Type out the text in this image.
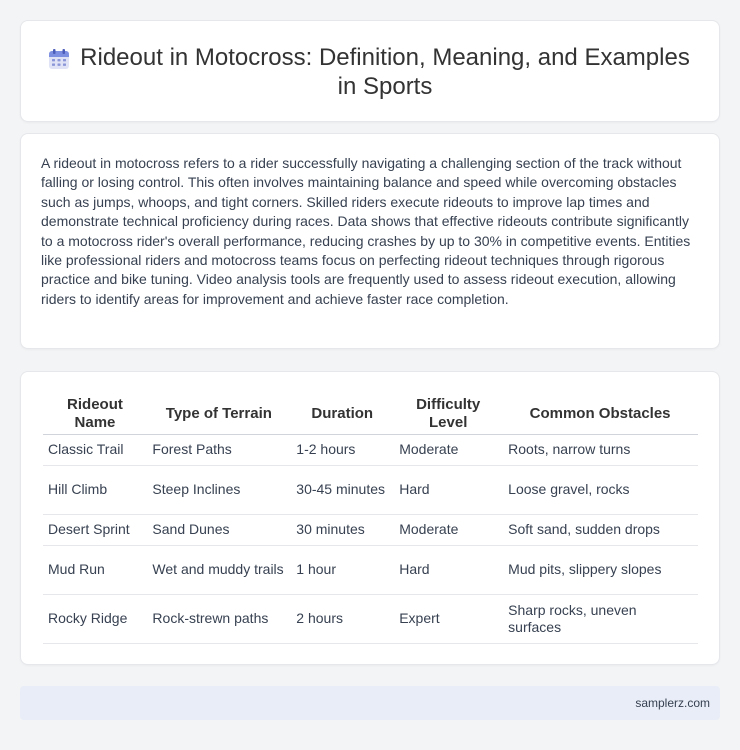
Rideout in Motocross: Definition, Meaning, and Examples in Sports

A rideout in motocross refers to a rider successfully navigating a challenging section of the track without falling or losing control. This often involves maintaining balance and speed while overcoming obstacles such as jumps, whoops, and tight corners. Skilled riders execute rideouts to improve lap times and demonstrate technical proficiency during races. Data shows that effective rideouts contribute significantly to a motocross rider's overall performance, reducing crashes by up to 30% in competitive events. Entities like professional riders and motocross teams focus on perfecting rideout techniques through rigorous practice and bike tuning. Video analysis tools are frequently used to assess rideout execution, allowing riders to identify areas for improvement and achieve faster race completion.

Rideout Name	Type of Terrain	Duration	Difficulty Level	Common Obstacles
Classic Trail	Forest Paths	1-2 hours	Moderate	Roots, narrow turns
Hill Climb	Steep Inclines	30-45 minutes	Hard	Loose gravel, rocks
Desert Sprint	Sand Dunes	30 minutes	Moderate	Soft sand, sudden drops
Mud Run	Wet and muddy trails	1 hour	Hard	Mud pits, slippery slopes
Rocky Ridge	Rock-strewn paths	2 hours	Expert	Sharp rocks, uneven surfaces
samplerz.com
